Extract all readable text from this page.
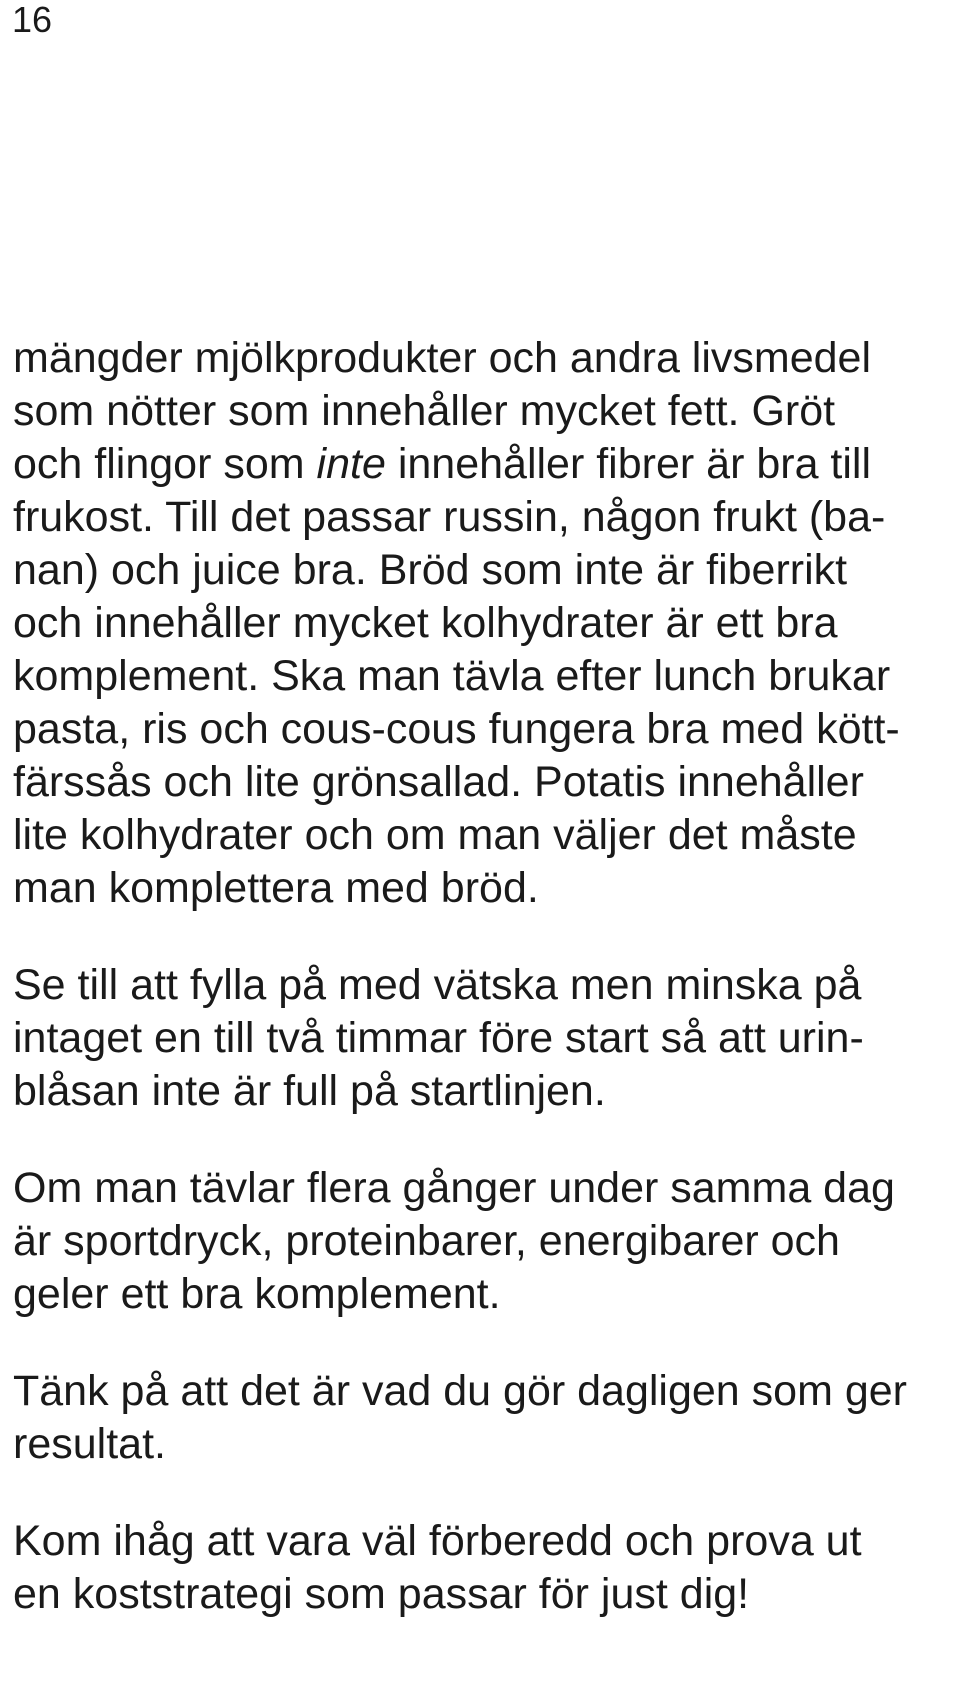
16

mängder mjölkprodukter och andra livsmedel
som nötter som innehåller mycket fett. Gröt
och flingor som inte innehåller fibrer är bra till
frukost. Till det passar russin, någon frukt (ba-
nan) och juice bra. Bröd som inte är fiberrikt
och innehåller mycket kolhydrater är ett bra
komplement. Ska man tävla efter lunch brukar
pasta, ris och cous-cous fungera bra med kött-
färssås och lite grönsallad. Potatis innehåller
lite kolhydrater och om man väljer det måste
man komplettera med bröd.

Se till att fylla på med vätska men minska på
intaget en till två timmar före start så att urin-
blåsan inte är full på startlinjen.

Om man tävlar flera gånger under samma dag
är sportdryck, proteinbarer, energibarer och
geler ett bra komplement.

Tänk på att det är vad du gör dagligen som ger
resultat.

Kom ihåg att vara väl förberedd och prova ut
en koststrategi som passar för just dig!
